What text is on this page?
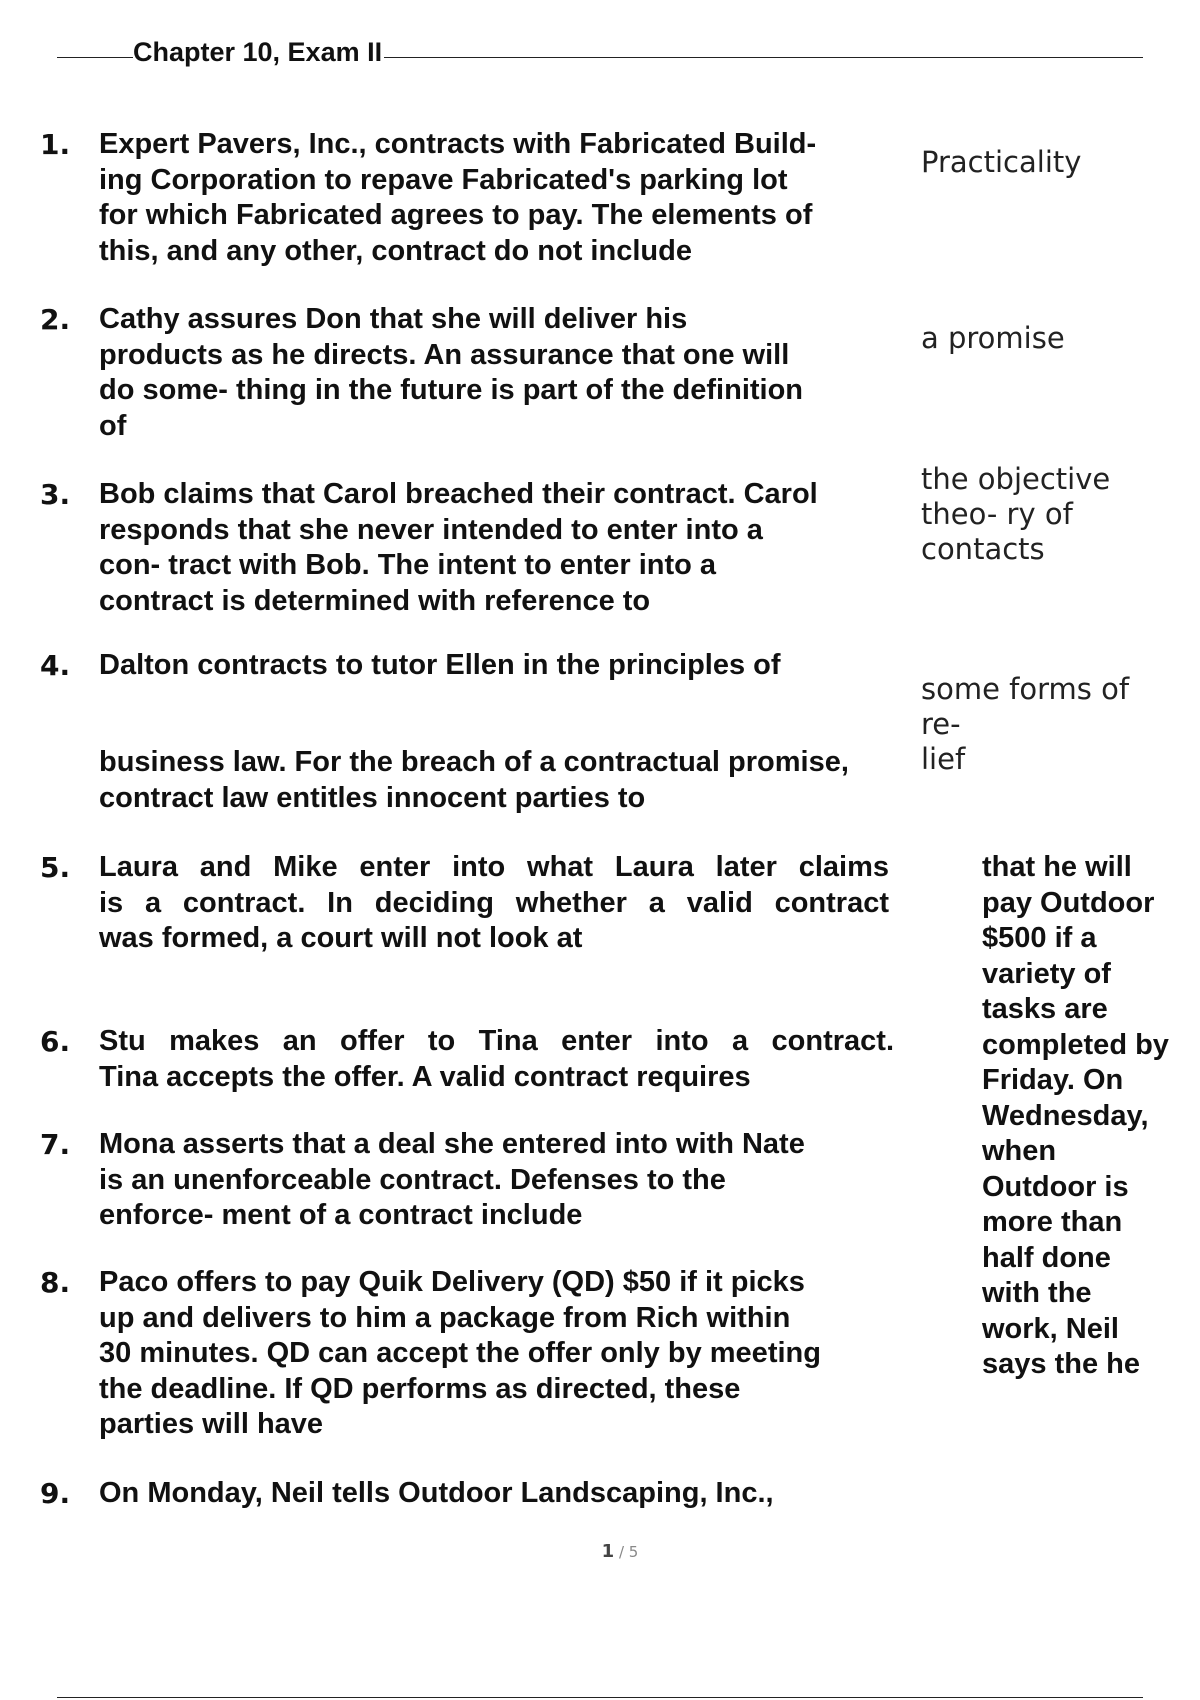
Chapter 10, Exam II
1. Expert Pavers, Inc., contracts with Fabricated Build-
ing Corporation to repave Fabricated's parking lot
for which Fabricated agrees to pay. The elements of
this, and any other, contract do not include
Practicality
2. Cathy assures Don that she will deliver his
products as he directs. An assurance that one will
do some- thing in the future is part of the definition
of
a promise
3. Bob claims that Carol breached their contract. Carol
responds that she never intended to enter into a
con- tract with Bob. The intent to enter into a
contract is determined with reference to
the objective
theo- ry of
contacts
4. Dalton contracts to tutor Ellen in the principles of
business law. For the breach of a contractual promise,
contract law entitles innocent parties to
some forms of
re-
lief
5. Laura and Mike enter into what Laura later claims
is a contract. In deciding whether a valid contract
was formed, a court will not look at
6. Stu makes an offer to Tina enter into a contract.
Tina accepts the offer. A valid contract requires
7. Mona asserts that a deal she entered into with Nate
is an unenforceable contract. Defenses to the
enforce- ment of a contract include
8. Paco offers to pay Quik Delivery (QD) $50 if it picks
up and delivers to him a package from Rich within
30 minutes. QD can accept the offer only by meeting
the deadline. If QD performs as directed, these
parties will have
9. On Monday, Neil tells Outdoor Landscaping, Inc.,
that he will
pay Outdoor
$500 if a
variety of
tasks are
completed by
Friday. On
Wednesday,
when
Outdoor is
more than
half done
with the
work, Neil
says the he
1 / 5
